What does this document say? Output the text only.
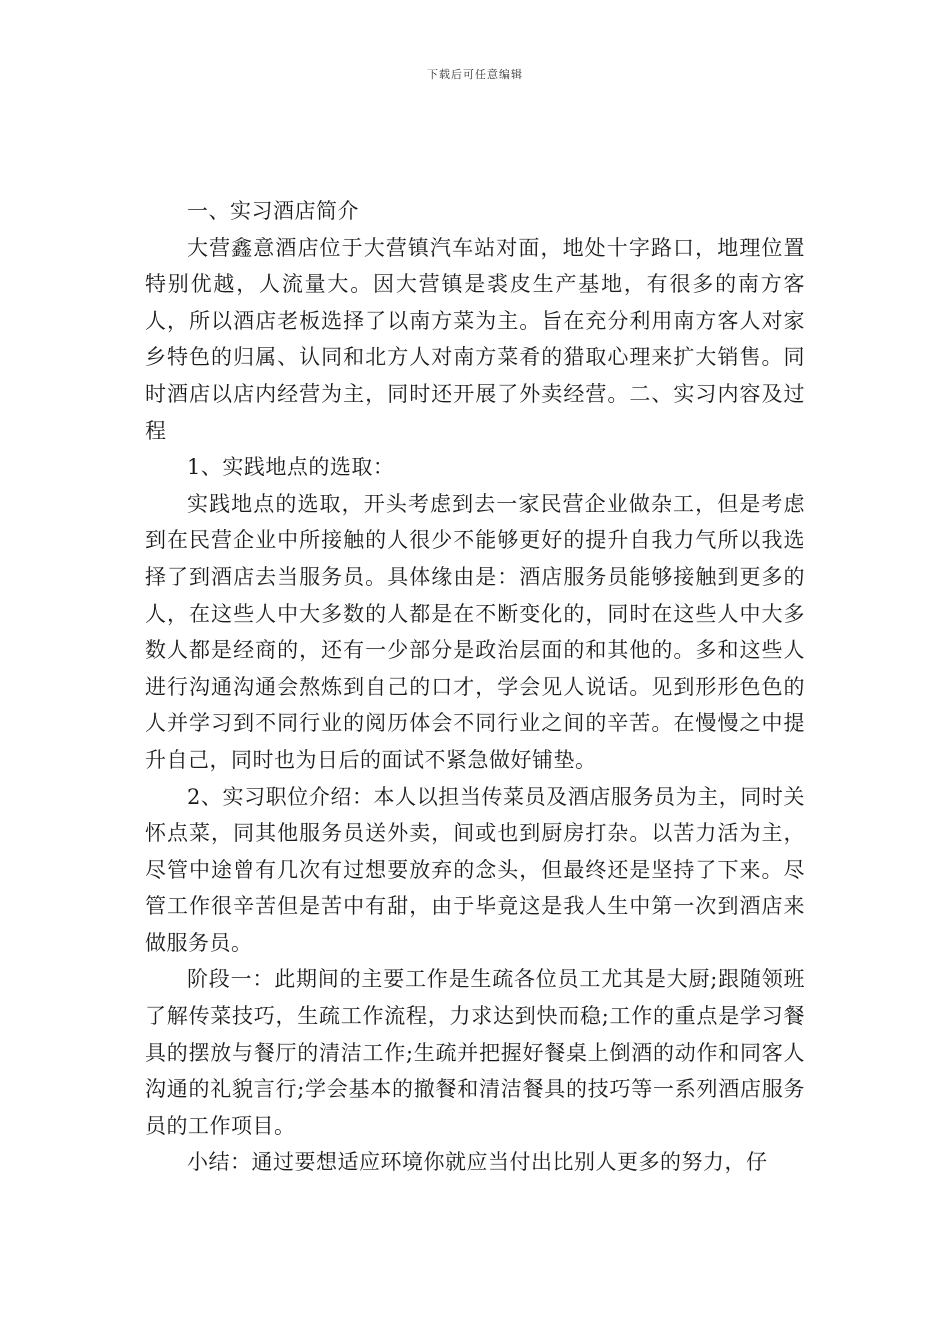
下载后可任意编辑

一、实习酒店简介

大营鑫意酒店位于大营镇汽车站对面，地处十字路口，地理位置特别优越，人流量大。因大营镇是裘皮生产基地，有很多的南方客人，所以酒店老板选择了以南方菜为主。旨在充分利用南方客人对家乡特色的归属、认同和北方人对南方菜肴的猎取心理来扩大销售。同时酒店以店内经营为主，同时还开展了外卖经营。二、实习内容及过程

1、实践地点的选取：

实践地点的选取，开头考虑到去一家民营企业做杂工，但是考虑到在民营企业中所接触的人很少不能够更好的提升自我力气所以我选择了到酒店去当服务员。具体缘由是：酒店服务员能够接触到更多的人，在这些人中大多数的人都是在不断变化的，同时在这些人中大多数人都是经商的，还有一少部分是政治层面的和其他的。多和这些人进行沟通沟通会熬炼到自己的口才，学会见人说话。见到形形色色的人并学习到不同行业的阅历体会不同行业之间的辛苦。在慢慢之中提升自己，同时也为日后的面试不紧急做好铺垫。

2、实习职位介绍：本人以担当传菜员及酒店服务员为主，同时关怀点菜，同其他服务员送外卖，间或也到厨房打杂。以苦力活为主，尽管中途曾有几次有过想要放弃的念头，但最终还是坚持了下来。尽管工作很辛苦但是苦中有甜，由于毕竟这是我人生中第一次到酒店来做服务员。

阶段一：此期间的主要工作是生疏各位员工尤其是大厨;跟随领班了解传菜技巧，生疏工作流程，力求达到快而稳;工作的重点是学习餐具的摆放与餐厅的清洁工作;生疏并把握好餐桌上倒酒的动作和同客人沟通的礼貌言行;学会基本的撤餐和清洁餐具的技巧等一系列酒店服务员的工作项目。

小结：通过要想适应环境你就应当付出比别人更多的努力，仔
